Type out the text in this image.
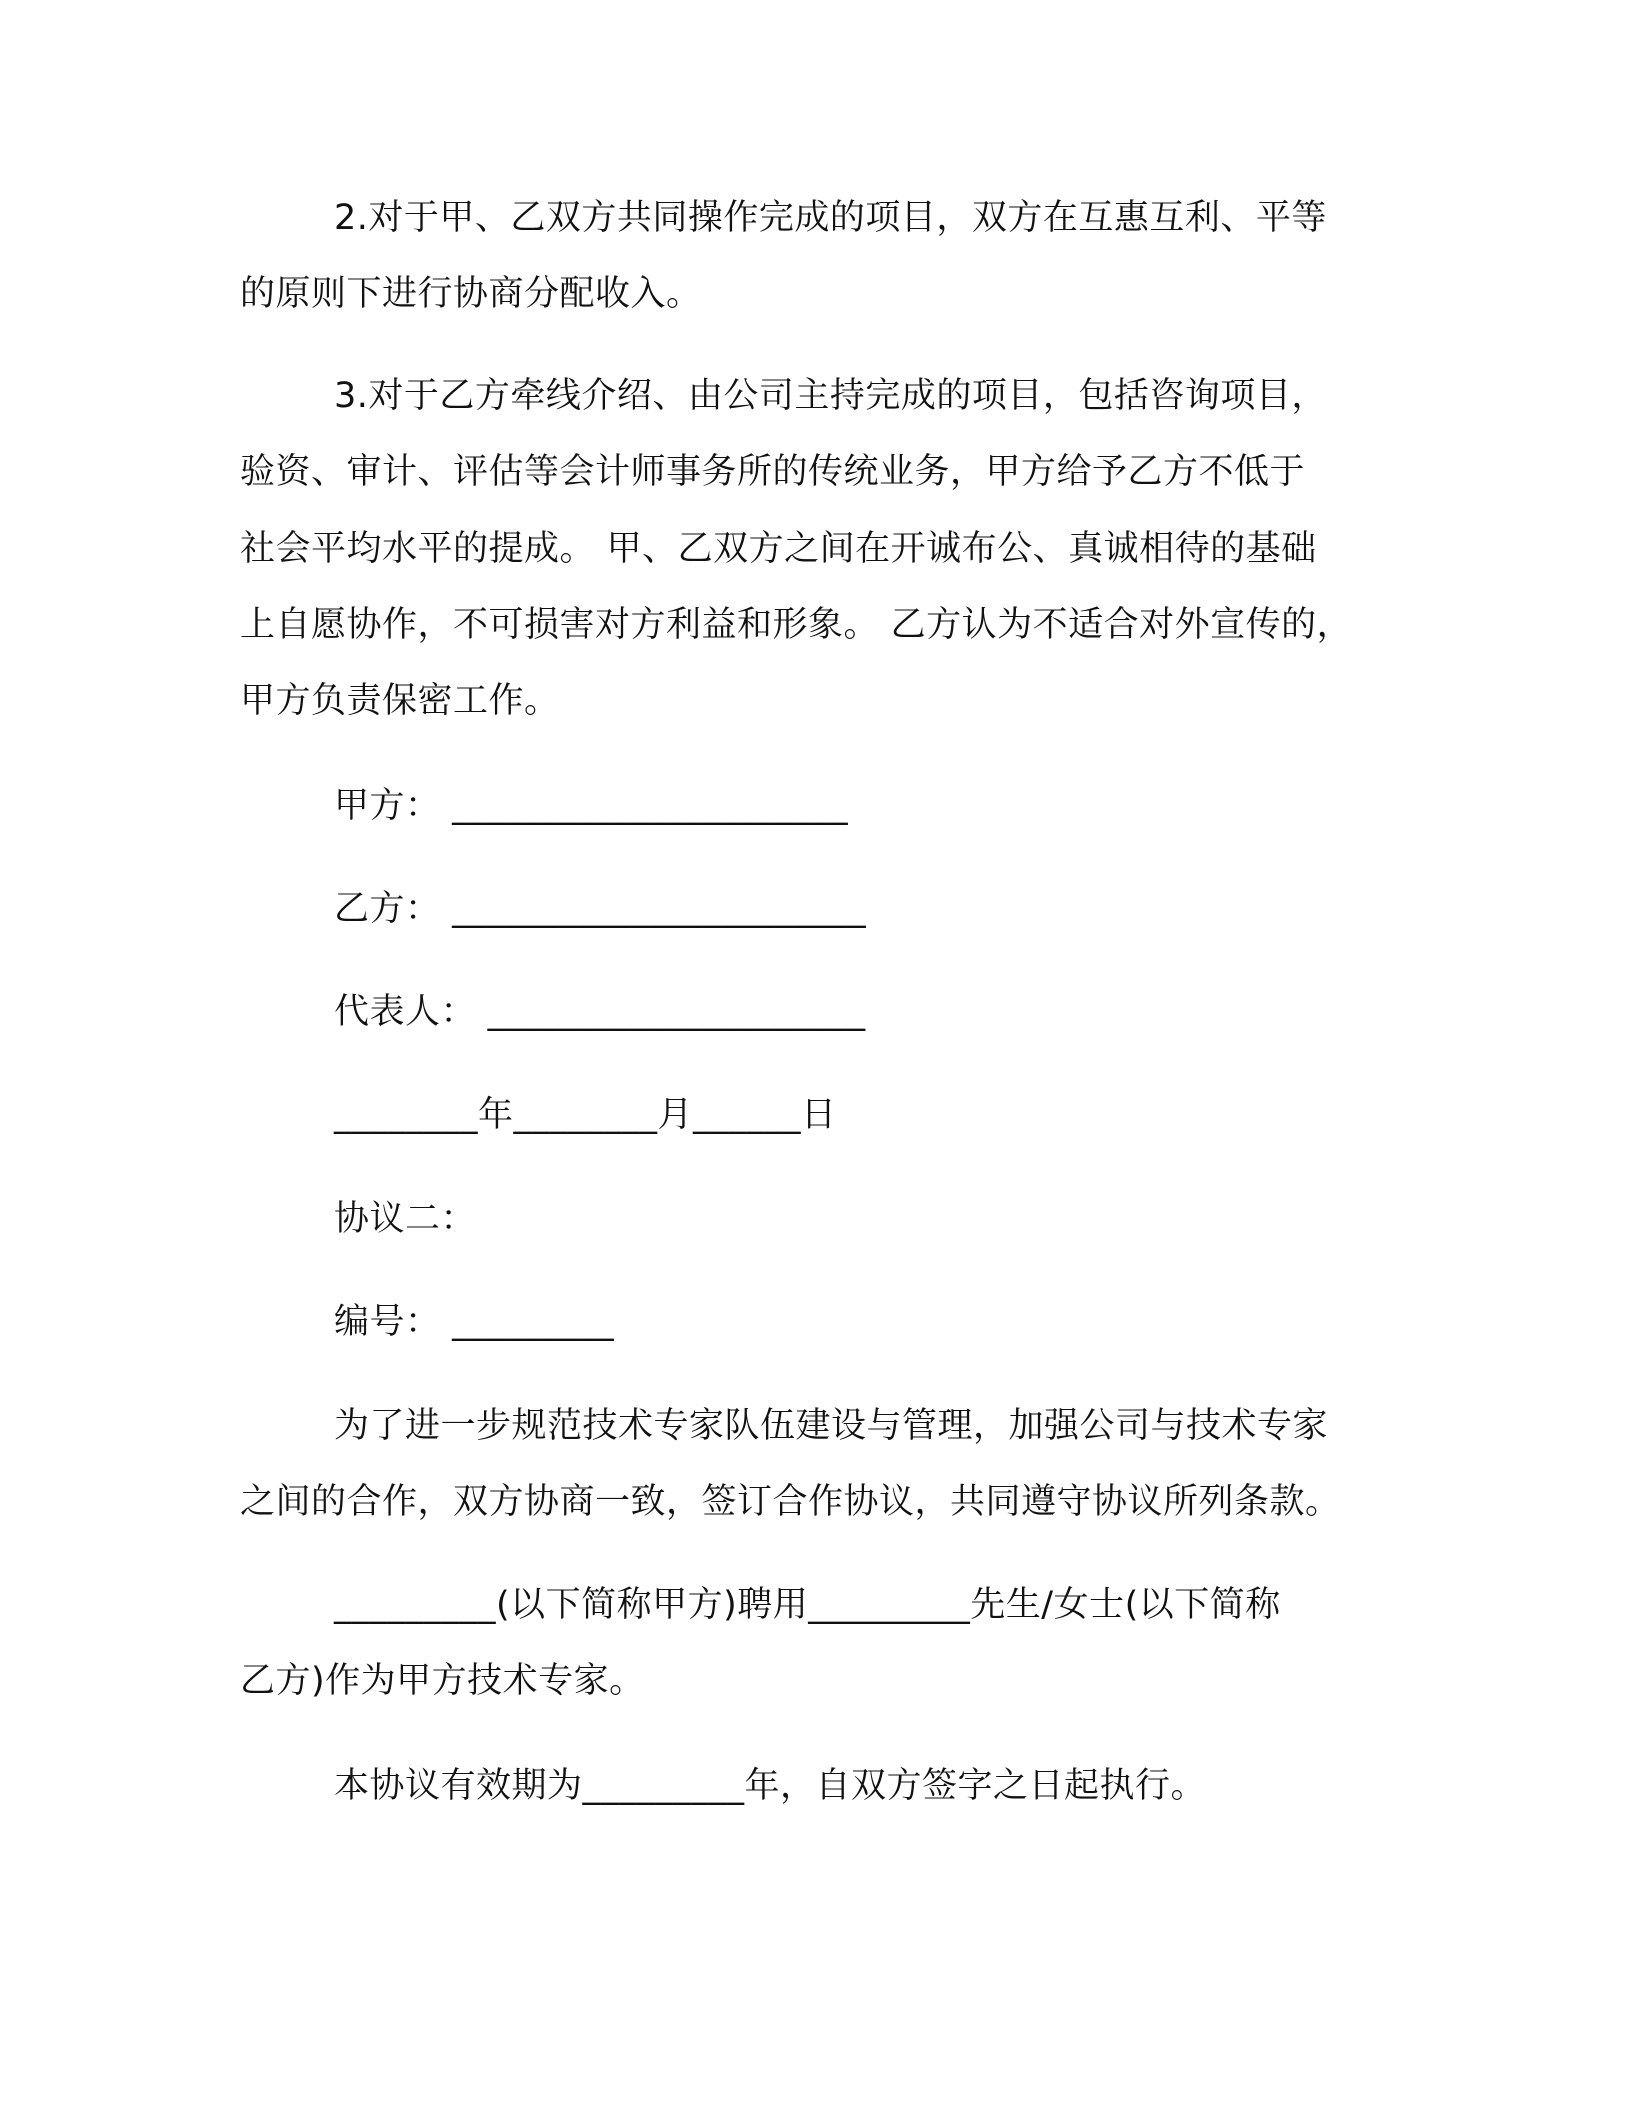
2.对于甲、乙双方共同操作完成的项目，双方在互惠互利、平等
的原则下进行协商分配收入。
3.对于乙方牵线介绍、由公司主持完成的项目，包括咨询项目，
验资、审计、评估等会计师事务所的传统业务，甲方给予乙方不低于
社会平均水平的提成。 甲、乙双方之间在开诚布公、真诚相待的基础
上自愿协作，不可损害对方利益和形象。 乙方认为不适合对外宣传的，
甲方负责保密工作。
甲方： ______________________
乙方： _______________________
代表人： _____________________
________年________月______日
协议二：
编号： _________
为了进一步规范技术专家队伍建设与管理，加强公司与技术专家
之间的合作，双方协商一致，签订合作协议，共同遵守协议所列条款。
_________(以下简称甲方)聘用_________先生/女士(以下简称
乙方)作为甲方技术专家。
本协议有效期为_________年，自双方签字之日起执行。
